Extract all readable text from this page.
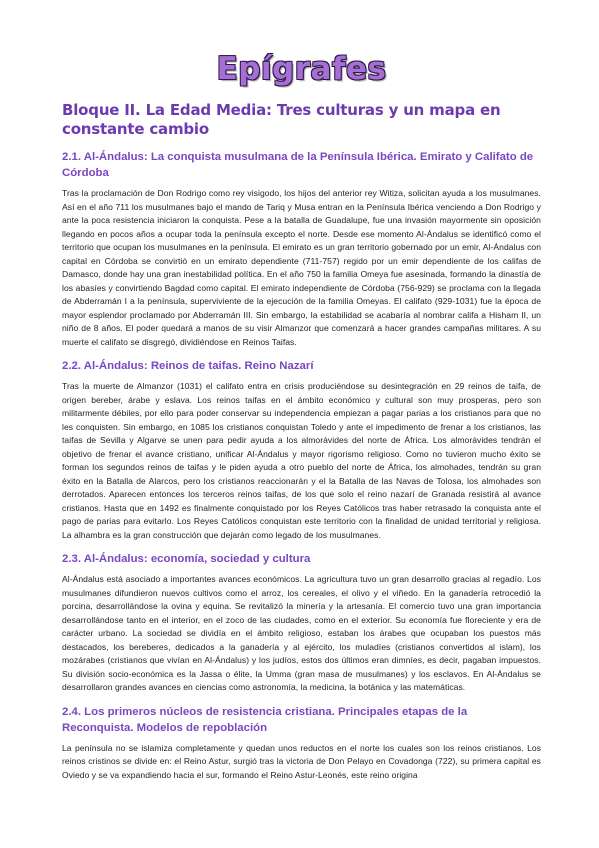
Epígrafes
Bloque II. La Edad Media: Tres culturas y un mapa en constante cambio
2.1. Al-Ándalus: La conquista musulmana de la Península Ibérica. Emirato y Califato de Córdoba

Tras la proclamación de Don Rodrigo como rey visigodo, los hijos del anterior rey Witiza, solicitan ayuda a los musulmanes. Así en el año 711 los musulmanes bajo el mando de Tariq y Musa entran en la Península Ibérica venciendo a Don Rodrigo y ante la poca resistencia iniciaron la conquista. Pese a la batalla de Guadalupe, fue una invasión mayormente sin oposición llegando en pocos años a ocupar toda la península excepto el norte. Desde ese momento Al-Ándalus se identificó como el territorio que ocupan los musulmanes en la península. El emirato es un gran territorio gobernado por un emir, Al-Ándalus con capital en Córdoba se convirtió en un emirato dependiente (711-757) regido por un emir dependiente de los califas de Damasco, donde hay una gran inestabilidad política. En el año 750 la familia Omeya fue asesinada, formando la dinastía de los abasíes y convirtiendo Bagdad como capital. El emirato independiente de Córdoba (756-929) se proclama con la llegada de Abderramán I a la península, superviviente de la ejecución de la familia Omeyas. El califato (929-1031) fue la época de mayor esplendor proclamado por Abderramán III. Sin embargo, la estabilidad se acabaría al nombrar califa a Hisham II, un niño de 8 años. El poder quedará a manos de su visir Almanzor que comenzará a hacer grandes campañas militares. A su muerte el califato se disgregó, dividiéndose en Reinos Taifas.

2.2. Al-Ándalus: Reinos de taifas. Reino Nazarí

Tras la muerte de Almanzor (1031) el califato entra en crisis produciéndose su desintegración en 29 reinos de taifa, de origen bereber, árabe y eslava. Los reinos taifas en el ámbito económico y cultural son muy prosperas, pero son militarmente débiles, por ello para poder conservar su independencia empiezan a pagar parias a los cristianos para que no les conquisten. Sin embargo, en 1085 los cristianos conquistan Toledo y ante el impedimento de frenar a los cristianos, las taifas de Sevilla y Algarve se unen para pedir ayuda a los almorávides del norte de África. Los almorávides tendrán el objetivo de frenar el avance cristiano, unificar Al-Ándalus y mayor rigorismo religioso. Como no tuvieron mucho éxito se forman los segundos reinos de taifas y le piden ayuda a otro pueblo del norte de África, los almohades, tendrán su gran éxito en la Batalla de Alarcos, pero los cristianos reaccionarán y el la Batalla de las Navas de Tolosa, los almohades son derrotados. Aparecen entonces los terceros reinos taifas, de los que solo el reino nazarí de Granada resistirá al avance cristianos. Hasta que en 1492 es finalmente conquistado por los Reyes Católicos tras haber retrasado la conquista ante el pago de parias para evitarlo. Los Reyes Católicos conquistan este territorio con la finalidad de unidad territorial y religiosa. La alhambra es la gran construcción que dejarán como legado de los musulmanes.

2.3. Al-Ándalus: economía, sociedad y cultura

Al-Ándalus está asociado a importantes avances económicos. La agricultura tuvo un gran desarrollo gracias al regadío. Los musulmanes difundieron nuevos cultivos como el arroz, los cereales, el olivo y el viñedo. En la ganadería retrocedió la porcina, desarrollándose la ovina y equina. Se revitalizó la minería y la artesanía. El comercio tuvo una gran importancia desarrollándose tanto en el interior, en el zoco de las ciudades, como en el exterior. Su economía fue floreciente y era de carácter urbano. La sociedad se dividía en el ámbito religioso, estaban los árabes que ocupaban los puestos más destacados, los bereberes, dedicados a la ganadería y al ejército, los muladíes (cristianos convertidos al islam), los mozárabes (cristianos que vivían en Al-Ándalus) y los judíos, estos dos últimos eran dimníes, es decir, pagaban impuestos. Su división socio-económica es la Jassa o élite, la Umma (gran masa de musulmanes) y los esclavos. En Al-Ándalus se desarrollaron grandes avances en ciencias como astronomía, la medicina, la botánica y las matemáticas.

2.4. Los primeros núcleos de resistencia cristiana. Principales etapas de la Reconquista. Modelos de repoblación

La península no se islamiza completamente y quedan unos reductos en el norte los cuales son los reinos cristianos. Los reinos cristinos se divide en: el Reino Astur, surgió tras la victoria de Don Pelayo en Covadonga (722), su primera capital es Oviedo y se va expandiendo hacia el sur, formando el Reino Astur-Leonés, este reino origina
